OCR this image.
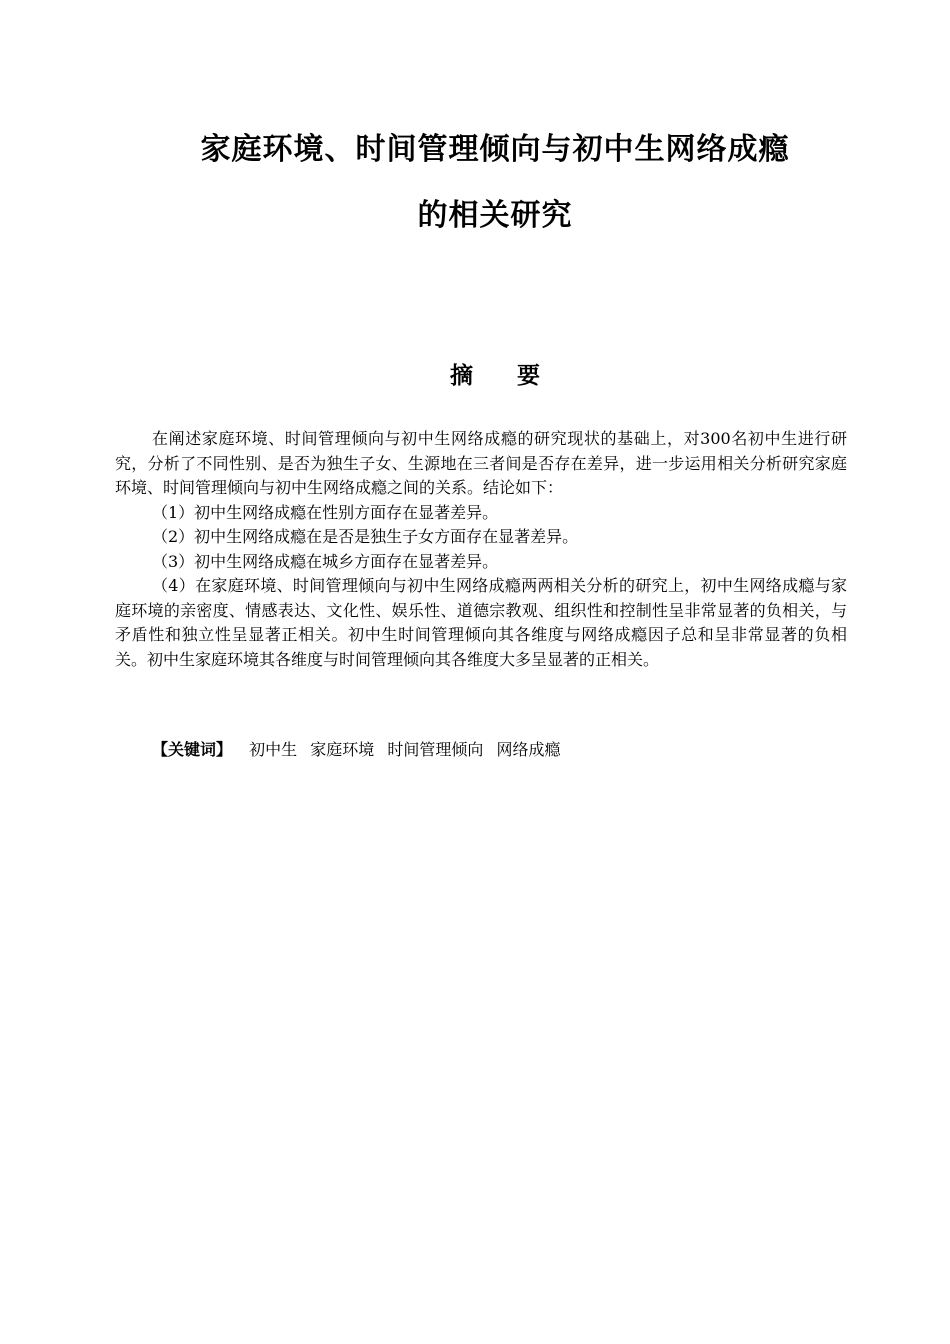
家庭环境、时间管理倾向与初中生网络成瘾
的相关研究
摘要

在阐述家庭环境、时间管理倾向与初中生网络成瘾的研究现状的基础上，对300名初中生进行研究，分析了不同性别、是否为独生子女、生源地在三者间是否存在差异，进一步运用相关分析研究家庭环境、时间管理倾向与初中生网络成瘾之间的关系。结论如下：

（1）初中生网络成瘾在性别方面存在显著差异。

（2）初中生网络成瘾在是否是独生子女方面存在显著差异。

（3）初中生网络成瘾在城乡方面存在显著差异。

（4）在家庭环境、时间管理倾向与初中生网络成瘾两两相关分析的研究上，初中生网络成瘾与家庭环境的亲密度、情感表达、文化性、娱乐性、道德宗教观、组织性和控制性呈非常显著的负相关，与矛盾性和独立性呈显著正相关。初中生时间管理倾向其各维度与网络成瘾因子总和呈非常显著的负相关。初中生家庭环境其各维度与时间管理倾向其各维度大多呈显著的正相关。

【关键词】 初中生 家庭环境 时间管理倾向 网络成瘾
